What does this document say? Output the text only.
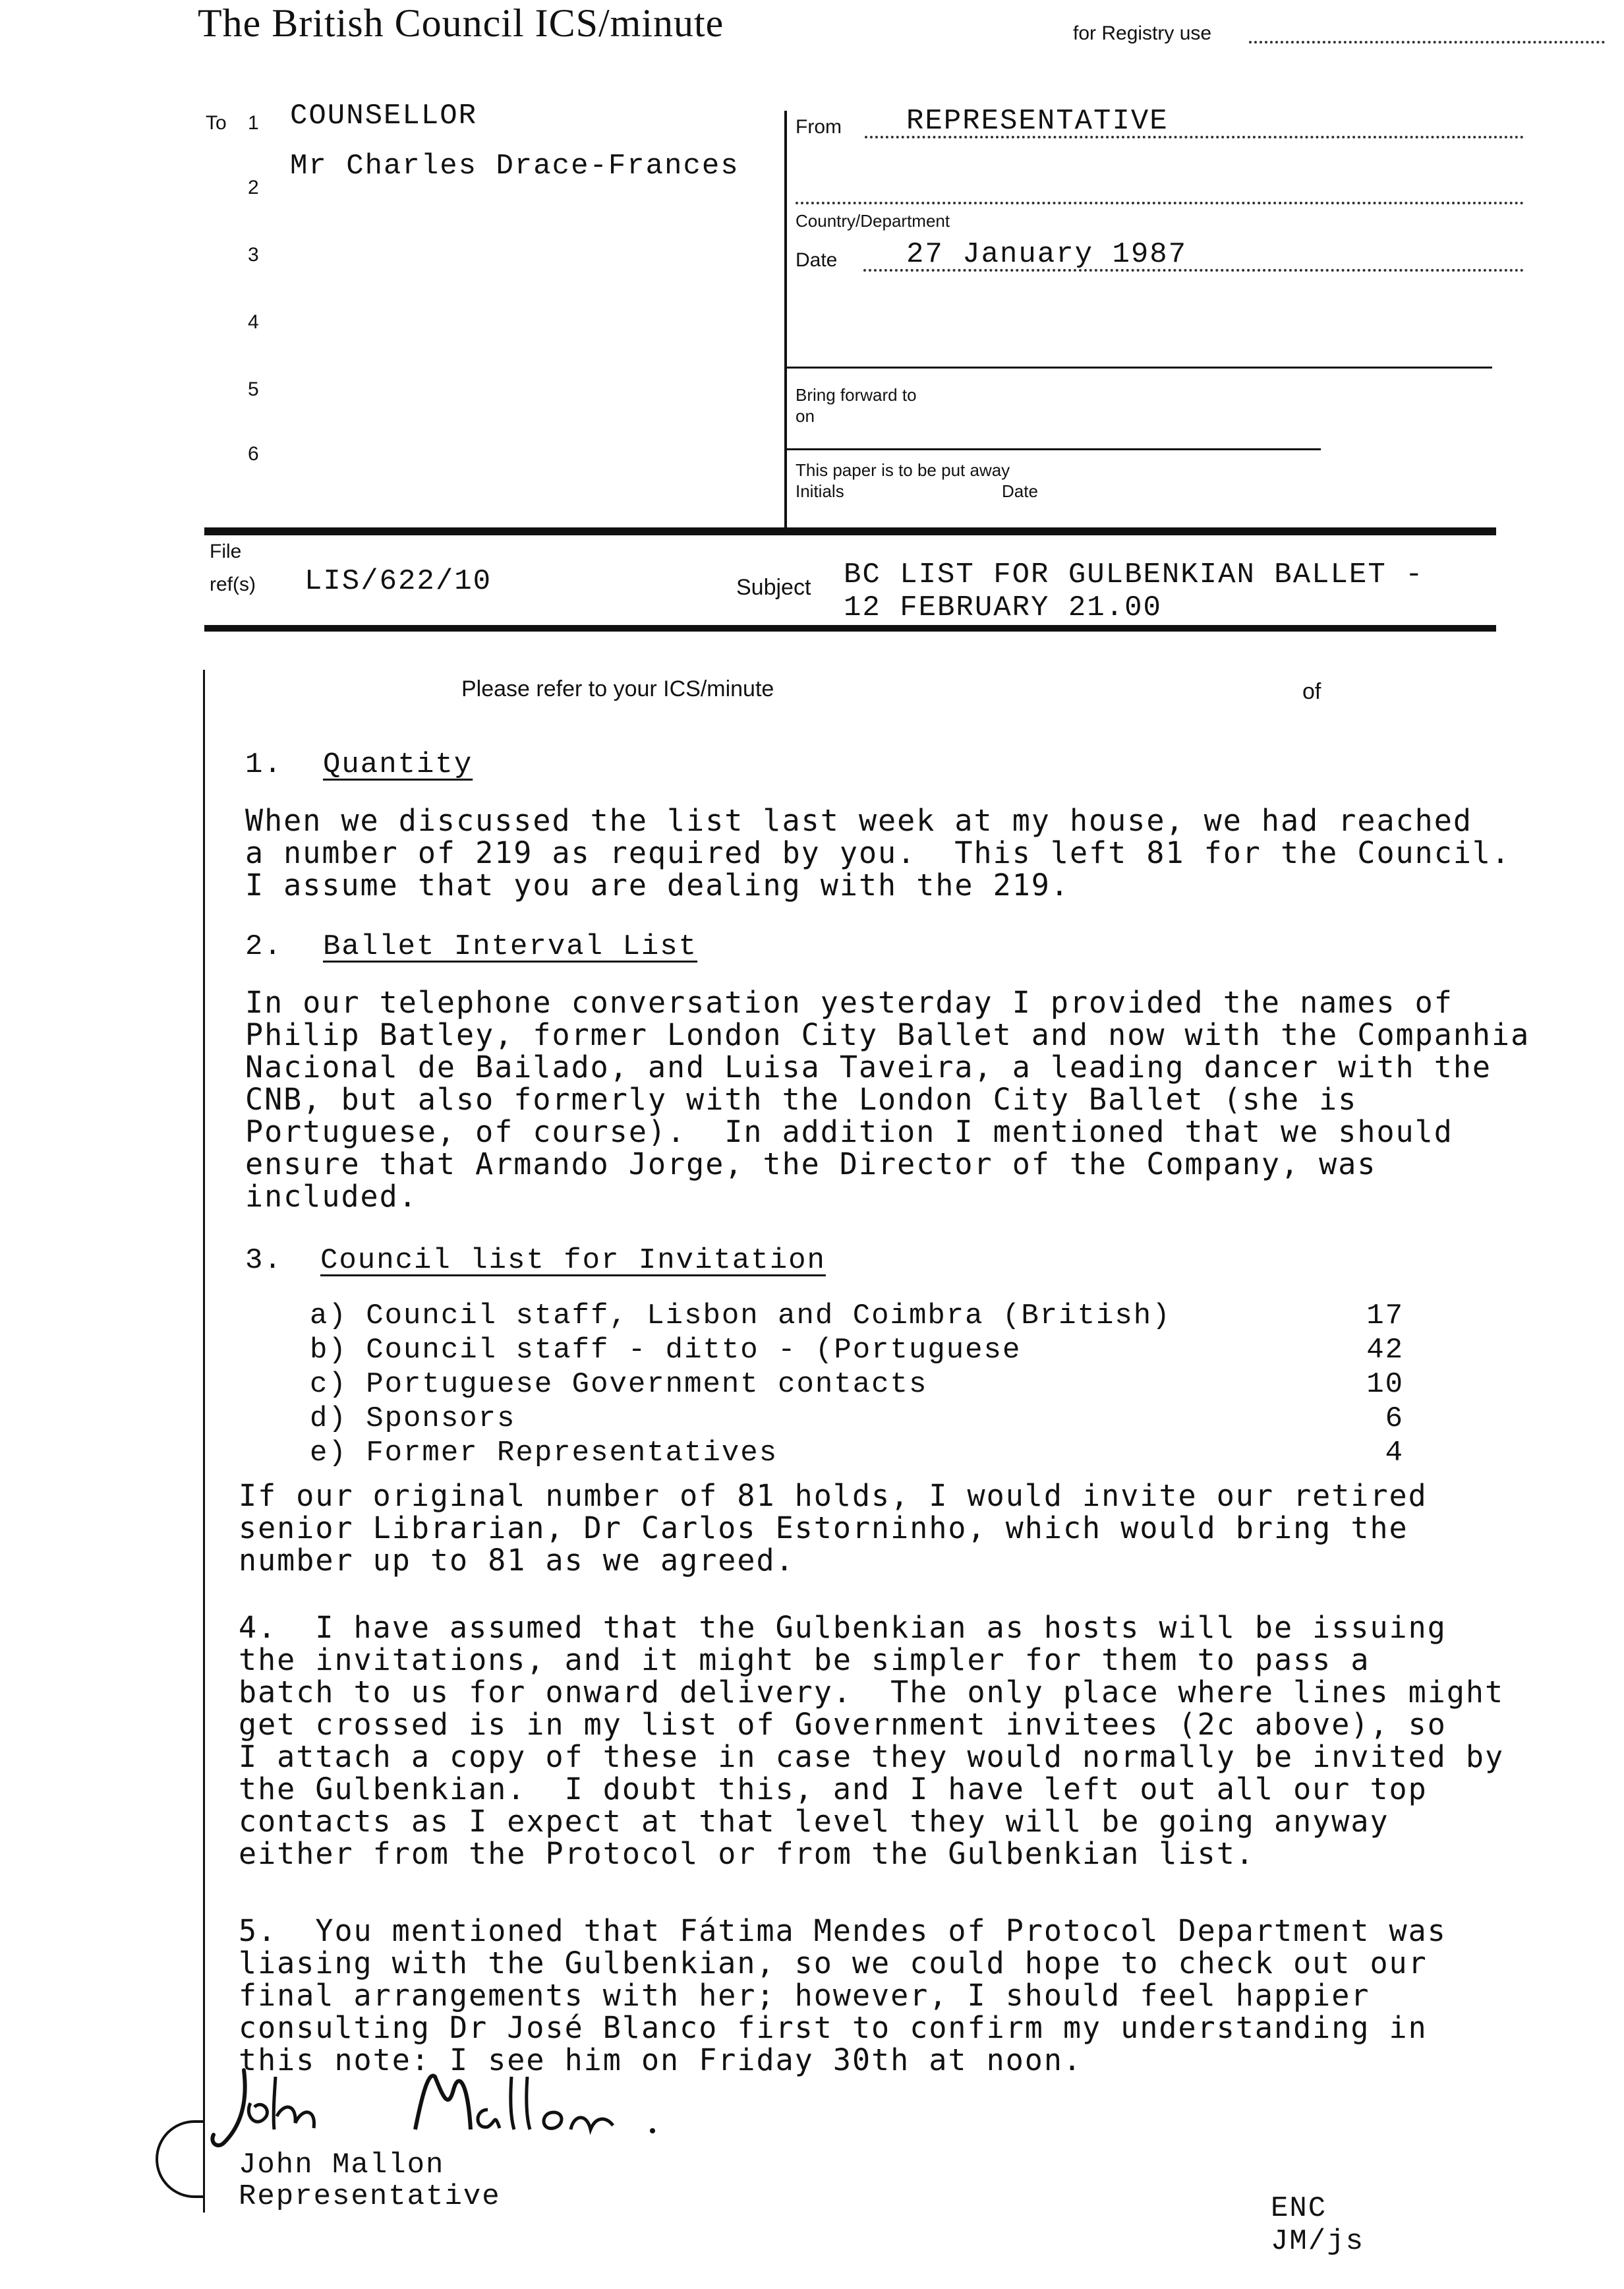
The British Council ICS/minute	for Registry use
To 1
2
3
4
5
6
COUNSELLOR
Mr Charles Drace-Frances
From REPRESENTATIVE
Country/Department
Date 27 January 1987
Bring forward to
on
This paper is to be put away
Initials	Date
File
ref(s) LIS/622/10	Subject BC LIST FOR GULBENKIAN BALLET -
12 FEBRUARY 21.00
Please refer to your ICS/minute	of
1. Quantity
When we discussed the list last week at my house, we had reached
a number of 219 as required by you.  This left 81 for the Council.
I assume that you are dealing with the 219.
2. Ballet Interval List
In our telephone conversation yesterday I provided the names of
Philip Batley, former London City Ballet and now with the Companhia
Nacional de Bailado, and Luisa Taveira, a leading dancer with the
CNB, but also formerly with the London City Ballet (she is
Portuguese, of course).  In addition I mentioned that we should
ensure that Armando Jorge, the Director of the Company, was
included.
3. Council list for Invitation
a) Council staff, Lisbon and Coimbra (British)	17
b) Council staff - ditto - (Portuguese	42
c) Portuguese Government contacts	10
d) Sponsors	6
e) Former Representatives	4
If our original number of 81 holds, I would invite our retired
senior Librarian, Dr Carlos Estorninho, which would bring the
number up to 81 as we agreed.
4.  I have assumed that the Gulbenkian as hosts will be issuing
the invitations, and it might be simpler for them to pass a
batch to us for onward delivery.  The only place where lines might
get crossed is in my list of Government invitees (2c above), so
I attach a copy of these in case they would normally be invited by
the Gulbenkian.  I doubt this, and I have left out all our top
contacts as I expect at that level they will be going anyway
either from the Protocol or from the Gulbenkian list.
5.  You mentioned that Fátima Mendes of Protocol Department was
liasing with the Gulbenkian, so we could hope to check out our
final arrangements with her; however, I should feel happier
consulting Dr José Blanco first to confirm my understanding in
this note: I see him on Friday 30th at noon.
John Mallon
Representative	ENC
JM/js
